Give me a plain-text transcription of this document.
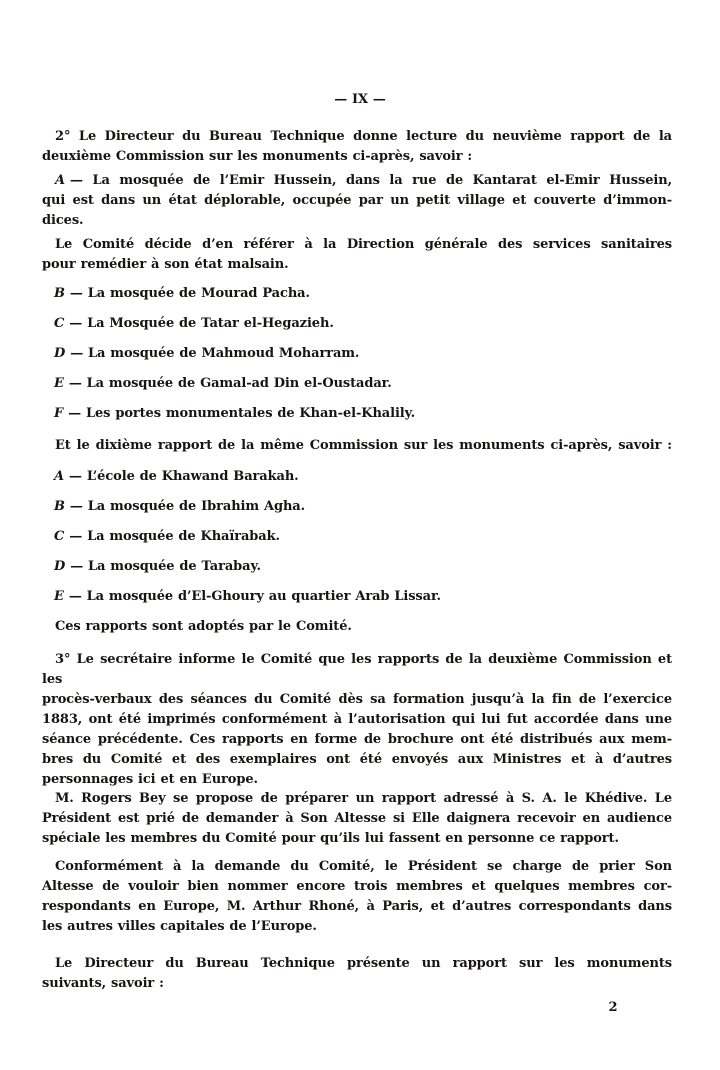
— IX —
2° Le Directeur du Bureau Technique donne lecture du neuvième rapport de la
deuxième Commission sur les monuments ci-après, savoir :
A — La mosquée de l’Emir Hussein, dans la rue de Kantarat el-Emir Hussein,
qui est dans un état déplorable, occupée par un petit village et couverte d’immon-
dices.
Le Comité décide d’en référer à la Direction générale des services sanitaires
pour remédier à son état malsain.
B — La mosquée de Mourad Pacha.
C — La Mosquée de Tatar el-Hegazieh.
D — La mosquée de Mahmoud Moharram.
E — La mosquée de Gamal-ad Din el-Oustadar.
F — Les portes monumentales de Khan-el-Khalily.
Et le dixième rapport de la même Commission sur les monuments ci-après, savoir :
A — L’école de Khawand Barakah.
B — La mosquée de Ibrahim Agha.
C — La mosquée de Khaïrabak.
D — La mosquée de Tarabay.
E — La mosquée d’El-Ghoury au quartier Arab Lissar.
Ces rapports sont adoptés par le Comité.
3° Le secrétaire informe le Comité que les rapports de la deuxième Commission et les
procès-verbaux des séances du Comité dès sa formation jusqu’à la fin de l’exercice
1883, ont été imprimés conformément à l’autorisation qui lui fut accordée dans une
séance précédente. Ces rapports en forme de brochure ont été distribués aux mem-
bres du Comité et des exemplaires ont été envoyés aux Ministres et à d’autres
personnages ici et en Europe.
M. Rogers Bey se propose de préparer un rapport adressé à S. A. le Khédive. Le
Président est prié de demander à Son Altesse si Elle daignera recevoir en audience
spéciale les membres du Comité pour qu’ils lui fassent en personne ce rapport.
Conformément à la demande du Comité, le Président se charge de prier Son
Altesse de vouloir bien nommer encore trois membres et quelques membres cor-
respondants en Europe, M. Arthur Rhoné, à Paris, et d’autres correspondants dans
les autres villes capitales de l’Europe.
Le Directeur du Bureau Technique présente un rapport sur les monuments
suivants, savoir :
2
